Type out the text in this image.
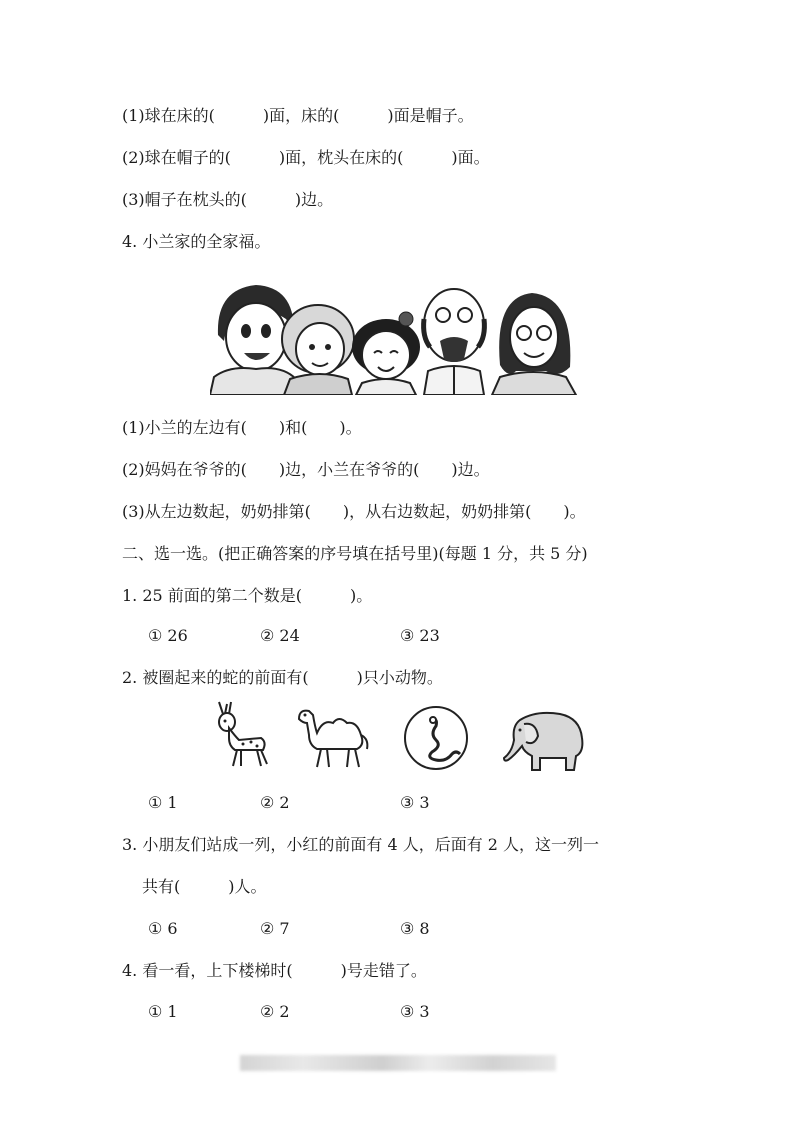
(1)球在床的(　　　)面，床的(　　　)面是帽子。
(2)球在帽子的(　　　)面，枕头在床的(　　　)面。
(3)帽子在枕头的(　　　)边。
4. 小兰家的全家福。
(1)小兰的左边有(　　)和(　　)。
(2)妈妈在爷爷的(　　)边，小兰在爷爷的(　　)边。
(3)从左边数起，奶奶排第(　　)，从右边数起，奶奶排第(　　)。
二、选一选。(把正确答案的序号填在括号里)(每题 1 分，共 5 分)
1. 25 前面的第二个数是(　　　)。
① 26	② 24	③ 23
2. 被圈起来的蛇的前面有(　　　)只小动物。
① 1	② 2	③ 3
3. 小朋友们站成一列，小红的前面有 4 人，后面有 2 人，这一列一
共有(　　　)人。
① 6	② 7	③ 8
4. 看一看，上下楼梯时(　　　)号走错了。
① 1	② 2	③ 3
